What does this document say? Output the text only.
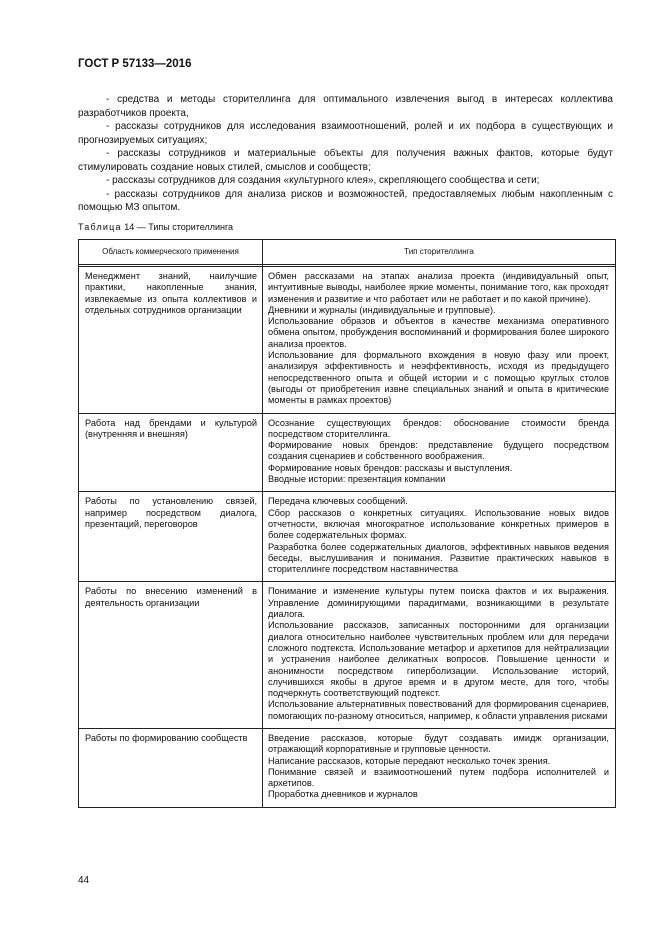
ГОСТ Р 57133—2016

- средства и методы сторителлинга для оптимального извлечения выгод в интересах коллектива разработчиков проекта,

- рассказы сотрудников для исследования взаимоотношений, ролей и их подбора в существующих и прогнозируемых ситуациях;

- рассказы сотрудников и материальные объекты для получения важных фактов, которые будут стимулировать создание новых стилей, смыслов и сообществ;

- рассказы сотрудников для создания «культурного клея», скрепляющего сообщества и сети;

- рассказы сотрудников для анализа рисков и возможностей, предоставляемых любым накопленным с помощью МЗ опытом.

Таблица 14 — Типы сторителлинга
Область коммерческого применения	Тип сторителлинга

Менеджмент знаний, наилучшие практики, накопленные знания, извлекаемые из опыта коллективов и отдельных сотрудников организации	Обмен рассказами на этапах анализа проекта (индивидуальный опыт, интуитивные выводы, наиболее яркие моменты, понимание того, как проходят изменения и развитие и что работает или не работает и по какой причине).
Дневники и журналы (индивидуальные и групповые).
Использование образов и объектов в качестве механизма оперативного обмена опытом, пробуждения воспоминаний и формирования более широкого анализа проектов.
Использование для формального вхождения в новую фазу или проект, анализируя эффективность и неэффективность, исходя из предыдущего непосредственного опыта и общей истории и с помощью круглых столов (выгоды от приобретения извне специальных знаний и опыта в критические моменты в рамках проектов)

Работа над брендами и культурой (внутренняя и внешняя)	Осознание существующих брендов: обоснование стоимости бренда посредством сторителлинга.
Формирование новых брендов: представление будущего посредством создания сценариев и собственного воображения.
Формирование новых брендов: рассказы и выступления.
Вводные истории: презентация компании

Работы по установлению связей, например посредством диалога, презентаций, переговоров	Передача ключевых сообщений.
Сбор рассказов о конкретных ситуациях. Использование новых видов отчетности, включая многократное использование конкретных примеров в более содержательных формах.
Разработка более содержательных диалогов, эффективных навыков ведения беседы, выслушивания и понимания. Развитие практических навыков в сторителлинге посредством наставничества

Работы по внесению изменений в деятельность организации	Понимание и изменение культуры путем поиска фактов и их выражения. Управление доминирующими парадигмами, возникающими в результате диалога.
Использование рассказов, записанных посторонними для организации диалога относительно наиболее чувствительных проблем или для передачи сложного подтекста. Использование метафор и архетипов для нейтрализации и устранения наиболее деликатных вопросов. Повышение ценности и анонимности посредством гиперболизации. Использование историй, случившихся якобы в другое время и в другом месте, для того, чтобы подчеркнуть соответствующий подтекст.
Использование альтернативных повествований для формирования сценариев, помогающих по-разному относиться, например, к области управления рисками

Работы по формированию сообществ	Введение рассказов, которые будут создавать имидж организации, отражающий корпоративные и групповые ценности.
Написание рассказов, которые передают несколько точек зрения.
Понимание связей и взаимоотношений путем подбора исполнителей и архетипов.
Проработка дневников и журналов
44
